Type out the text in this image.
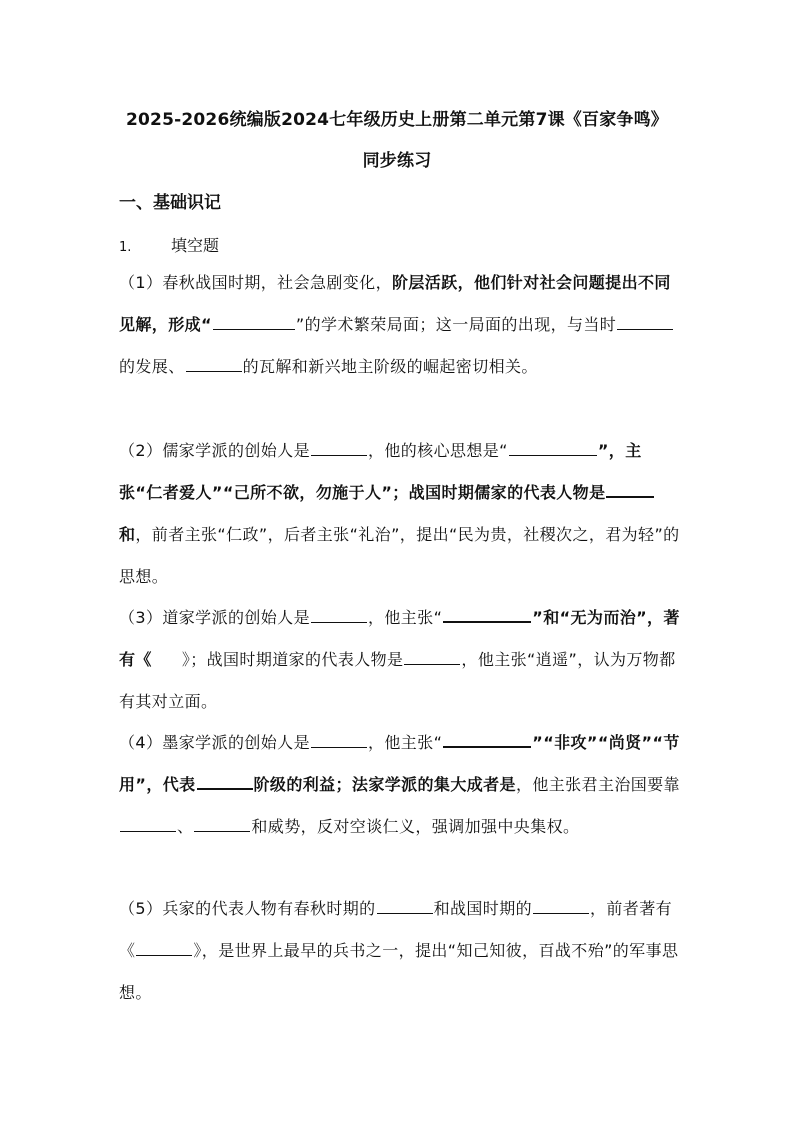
2025-2026统编版2024七年级历史上册第二单元第7课《百家争鸣》
同步练习
一、基础识记
1. 填空题
（1）春秋战国时期，社会急剧变化，阶层活跃，他们针对社会问题提出不同见解，形成“	”的学术繁荣局面；这一局面的出现，与当时的发展、	的瓦解和新兴地主阶级的崛起密切相关。
（2）儒家学派的创始人是	，他的核心思想是“	”，主张“仁者爱人”“己所不欲，勿施于人”；战国时期儒家的代表人物是和，前者主张“仁政”，后者主张“礼治”，提出“民为贵，社稷次之，君为轻”的思想。
（3）道家学派的创始人是	，他主张“	”和“无为而治”，著有《 》；战国时期道家的代表人物是	，他主张“逍遥”，认为万物都有其对立面。
（4）墨家学派的创始人是	，他主张“	”“非攻”“尚贤”“节用”，代表	阶级的利益；法家学派的集大成者是，他主张君主治国要靠、	和威势，反对空谈仁义，强调加强中央集权。
（5）兵家的代表人物有春秋时期的	和战国时期的	，前者著有《	》，是世界上最早的兵书之一，提出“知己知彼，百战不殆”的军事思想。
